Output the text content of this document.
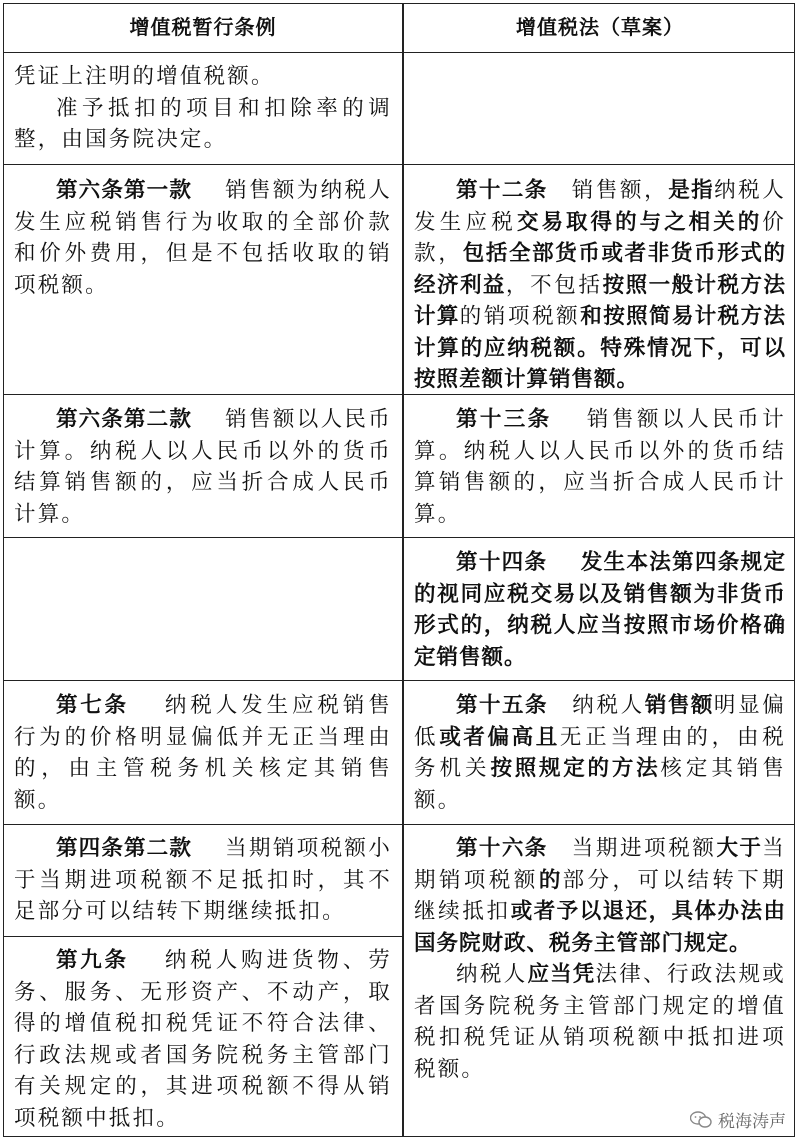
增值税暂行条例	增值税法（草案）

凭证上注明的增值税额。

准予抵扣的项目和扣除率的调整，由国务院决定。

第六条第一款　 销售额为纳税人发生应税销售行为收取的全部价款和价外费用，但是不包括收取的销项税额。
第十二条　 销售额，是指纳税人发生应税交易取得的与之相关的价款，包括全部货币或者非货币形式的经济利益，不包括按照一般计税方法计算的销项税额和按照简易计税方法计算的应纳税额。特殊情况下，可以按照差额计算销售额。
第六条第二款　 销售额以人民币计算。纳税人以人民币以外的货币结算销售额的，应当折合成人民币计算。
第十三条　 销售额以人民币计算。纳税人以人民币以外的货币结算销售额的，应当折合成人民币计算。
第十四条　 发生本法第四条规定的视同应税交易以及销售额为非货币形式的，纳税人应当按照市场价格确定销售额。
第七条　 纳税人发生应税销售行为的价格明显偏低并无正当理由的，由主管税务机关核定其销售额。
第十五条　 纳税人销售额明显偏低或者偏高且无正当理由的，由税务机关按照规定的方法核定其销售额。
第四条第二款　 当期销项税额小于当期进项税额不足抵扣时，其不足部分可以结转下期继续抵扣。
第九条　 纳税人购进货物、劳务、服务、无形资产、不动产，取得的增值税扣税凭证不符合法律、行政法规或者国务院税务主管部门有关规定的，其进项税额不得从销项税额中抵扣。

第十六条　 当期进项税额大于当期销项税额的部分，可以结转下期继续抵扣或者予以退还，具体办法由国务院财政、税务主管部门规定。

纳税人应当凭法律、行政法规或者国务院税务主管部门规定的增值税扣税凭证从销项税额中抵扣进项税额。

税海涛声
